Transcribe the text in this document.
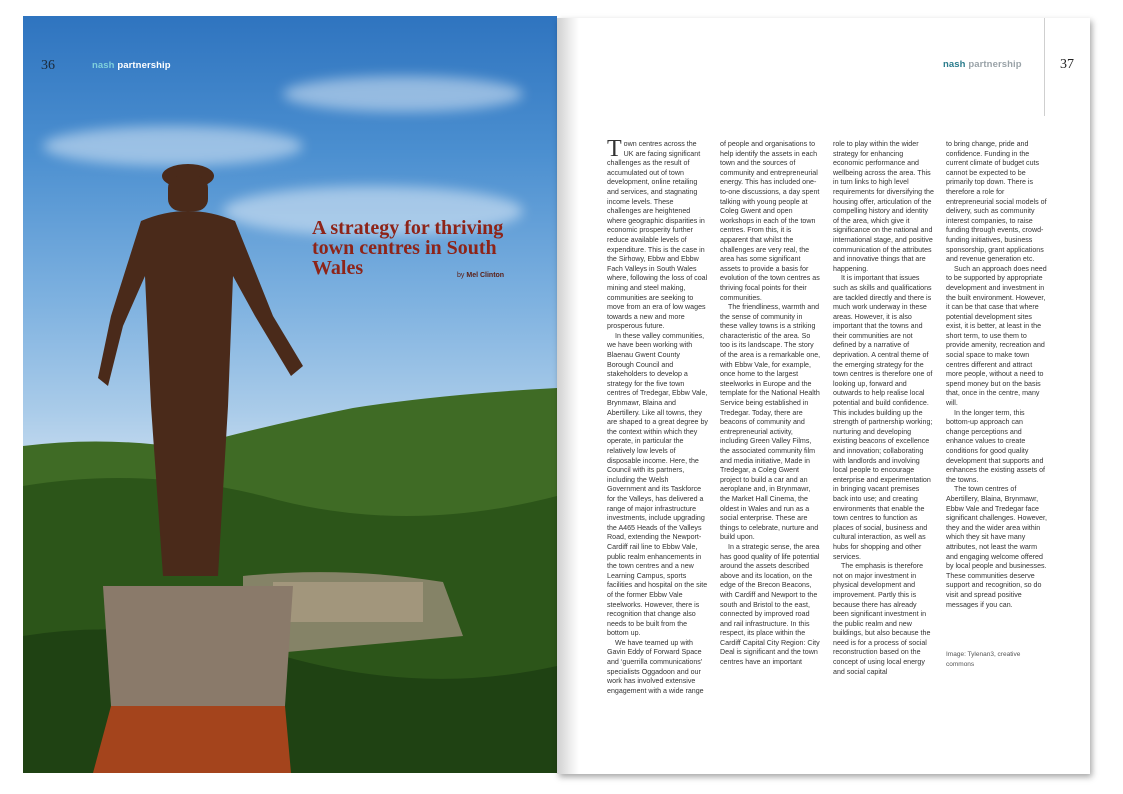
36	nash partnership
A strategy for thriving town centres in South Wales	by Mel Clinton
nash partnership	37

Town centres across the UK are facing significant challenges as the result of accumulated out of town development, online retailing and services, and stagnating income levels. These challenges are heightened where geographic disparities in economic prosperity further reduce available levels of expenditure. This is the case in the Sirhowy, Ebbw and Ebbw Fach Valleys in South Wales where, following the loss of coal mining and steel making, communities are seeking to move from an era of low wages towards a new and more prosperous future.

In these valley communities, we have been working with Blaenau Gwent County Borough Council and stakeholders to develop a strategy for the five town centres of Tredegar, Ebbw Vale, Brynmawr, Blaina and Abertillery. Like all towns, they are shaped to a great degree by the context within which they operate, in particular the relatively low levels of disposable income. Here, the Council with its partners, including the Welsh Government and its Taskforce for the Valleys, has delivered a range of major infrastructure investments, include upgrading the A465 Heads of the Valleys Road, extending the Newport-Cardiff rail line to Ebbw Vale, public realm enhancements in the town centres and a new Learning Campus, sports facilities and hospital on the site of the former Ebbw Vale steelworks. However, there is recognition that change also needs to be built from the bottom up.

We have teamed up with Gavin Eddy of Forward Space and ‘guerrilla communications’ specialists Oggadoon and our work has involved extensive engagement with a wide range

of people and organisations to help identify the assets in each town and the sources of community and entrepreneurial energy. This has included one-to-one discussions, a day spent talking with young people at Coleg Gwent and open workshops in each of the town centres. From this, it is apparent that whilst the challenges are very real, the area has some significant assets to provide a basis for evolution of the town centres as thriving focal points for their communities.

The friendliness, warmth and the sense of community in these valley towns is a striking characteristic of the area. So too is its landscape. The story of the area is a remarkable one, with Ebbw Vale, for example, once home to the largest steelworks in Europe and the template for the National Health Service being established in Tredegar. Today, there are beacons of community and entrepreneurial activity, including Green Valley Films, the associated community film and media initiative, Made in Tredegar, a Coleg Gwent project to build a car and an aeroplane and, in Brynmawr, the Market Hall Cinema, the oldest in Wales and run as a social enterprise. These are things to celebrate, nurture and build upon.

In a strategic sense, the area has good quality of life potential around the assets described above and its location, on the edge of the Brecon Beacons, with Cardiff and Newport to the south and Bristol to the east, connected by improved road and rail infrastructure. In this respect, its place within the Cardiff Capital City Region: City Deal is significant and the town centres have an important

role to play within the wider strategy for enhancing economic performance and wellbeing across the area. This in turn links to high level requirements for diversifying the housing offer, articulation of the compelling history and identity of the area, which give it significance on the national and international stage, and positive communication of the attributes and innovative things that are happening.

It is important that issues such as skills and qualifications are tackled directly and there is much work underway in these areas. However, it is also important that the towns and their communities are not defined by a narrative of deprivation. A central theme of the emerging strategy for the town centres is therefore one of looking up, forward and outwards to help realise local potential and build confidence. This includes building up the strength of partnership working; nurturing and developing existing beacons of excellence and innovation; collaborating with landlords and involving local people to encourage enterprise and experimentation in bringing vacant premises back into use; and creating environments that enable the town centres to function as places of social, business and cultural interaction, as well as hubs for shopping and other services.

The emphasis is therefore not on major investment in physical development and improvement. Partly this is because there has already been significant investment in the public realm and new buildings, but also because the need is for a process of social reconstruction based on the concept of using local energy and social capital

to bring change, pride and confidence. Funding in the current climate of budget cuts cannot be expected to be primarily top down. There is therefore a role for entrepreneurial social models of delivery, such as community interest companies, to raise funding through events, crowd-funding initiatives, business sponsorship, grant applications and revenue generation etc.

Such an approach does need to be supported by appropriate development and investment in the built environment. However, it can be that case that where potential development sites exist, it is better, at least in the short term, to use them to provide amenity, recreation and social space to make town centres different and attract more people, without a need to spend money but on the basis that, once in the centre, many will.

In the longer term, this bottom-up approach can change perceptions and enhance values to create conditions for good quality development that supports and enhances the existing assets of the towns.

The town centres of Abertillery, Blaina, Brynmawr, Ebbw Vale and Tredegar face significant challenges. However, they and the wider area within which they sit have many attributes, not least the warm and engaging welcome offered by local people and businesses. These communities deserve support and recognition, so do visit and spread positive messages if you can.

Image: Tylenan3, creative commons
